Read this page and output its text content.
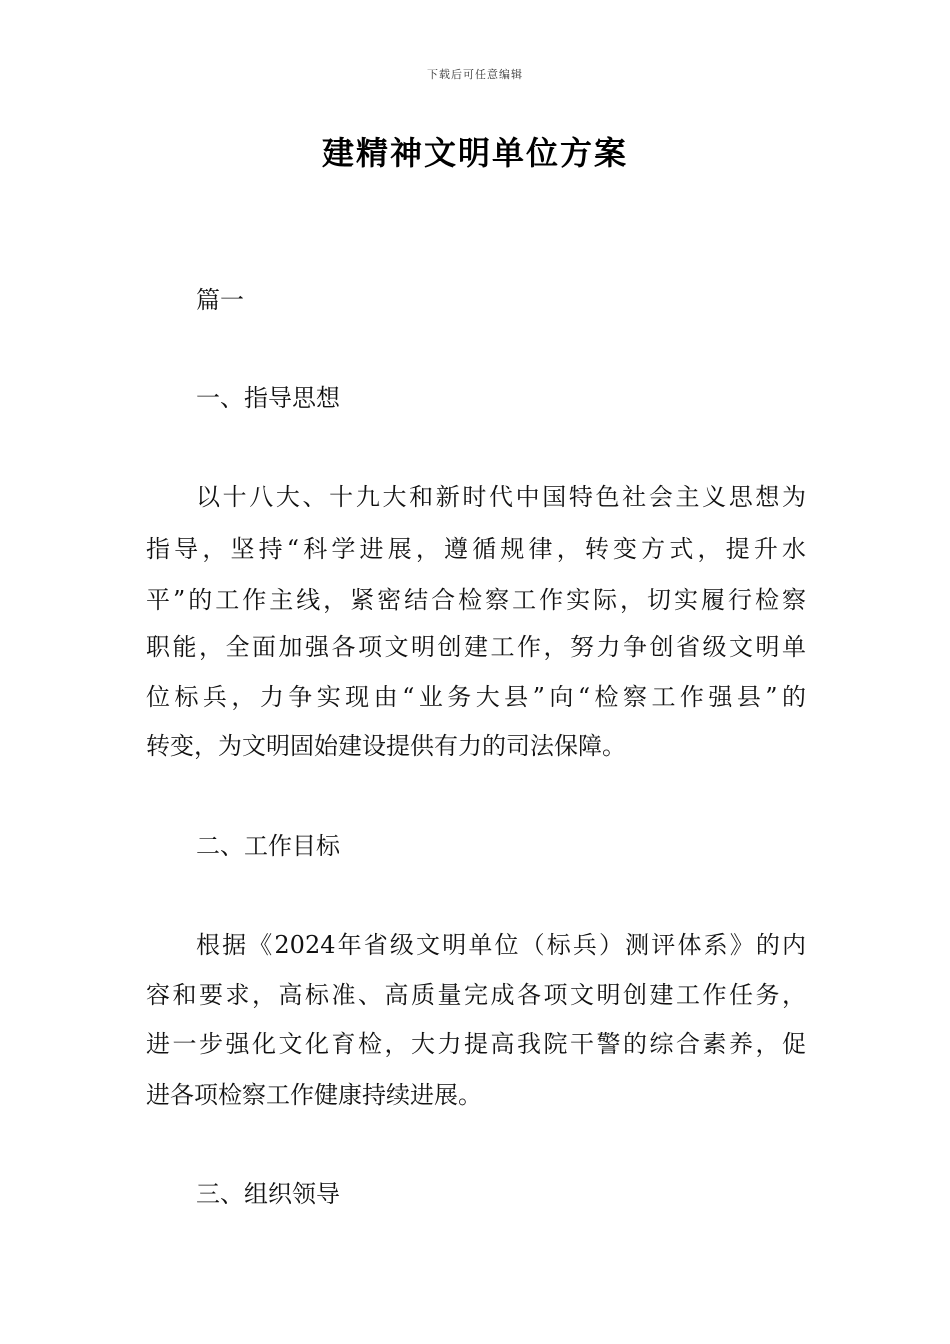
下载后可任意编辑
建精神文明单位方案
篇一
一、指导思想
以十八大、十九大和新时代中国特色社会主义思想为
指导，坚持“科学进展，遵循规律，转变方式，提升水
平”的工作主线，紧密结合检察工作实际，切实履行检察
职能，全面加强各项文明创建工作，努力争创省级文明单
位标兵，力争实现由“业务大县”向“检察工作强县”的
转变，为文明固始建设提供有力的司法保障。
二、工作目标
根据《2024年省级文明单位（标兵）测评体系》的内
容和要求，高标准、高质量完成各项文明创建工作任务，
进一步强化文化育检，大力提高我院干警的综合素养，促
进各项检察工作健康持续进展。
三、组织领导
